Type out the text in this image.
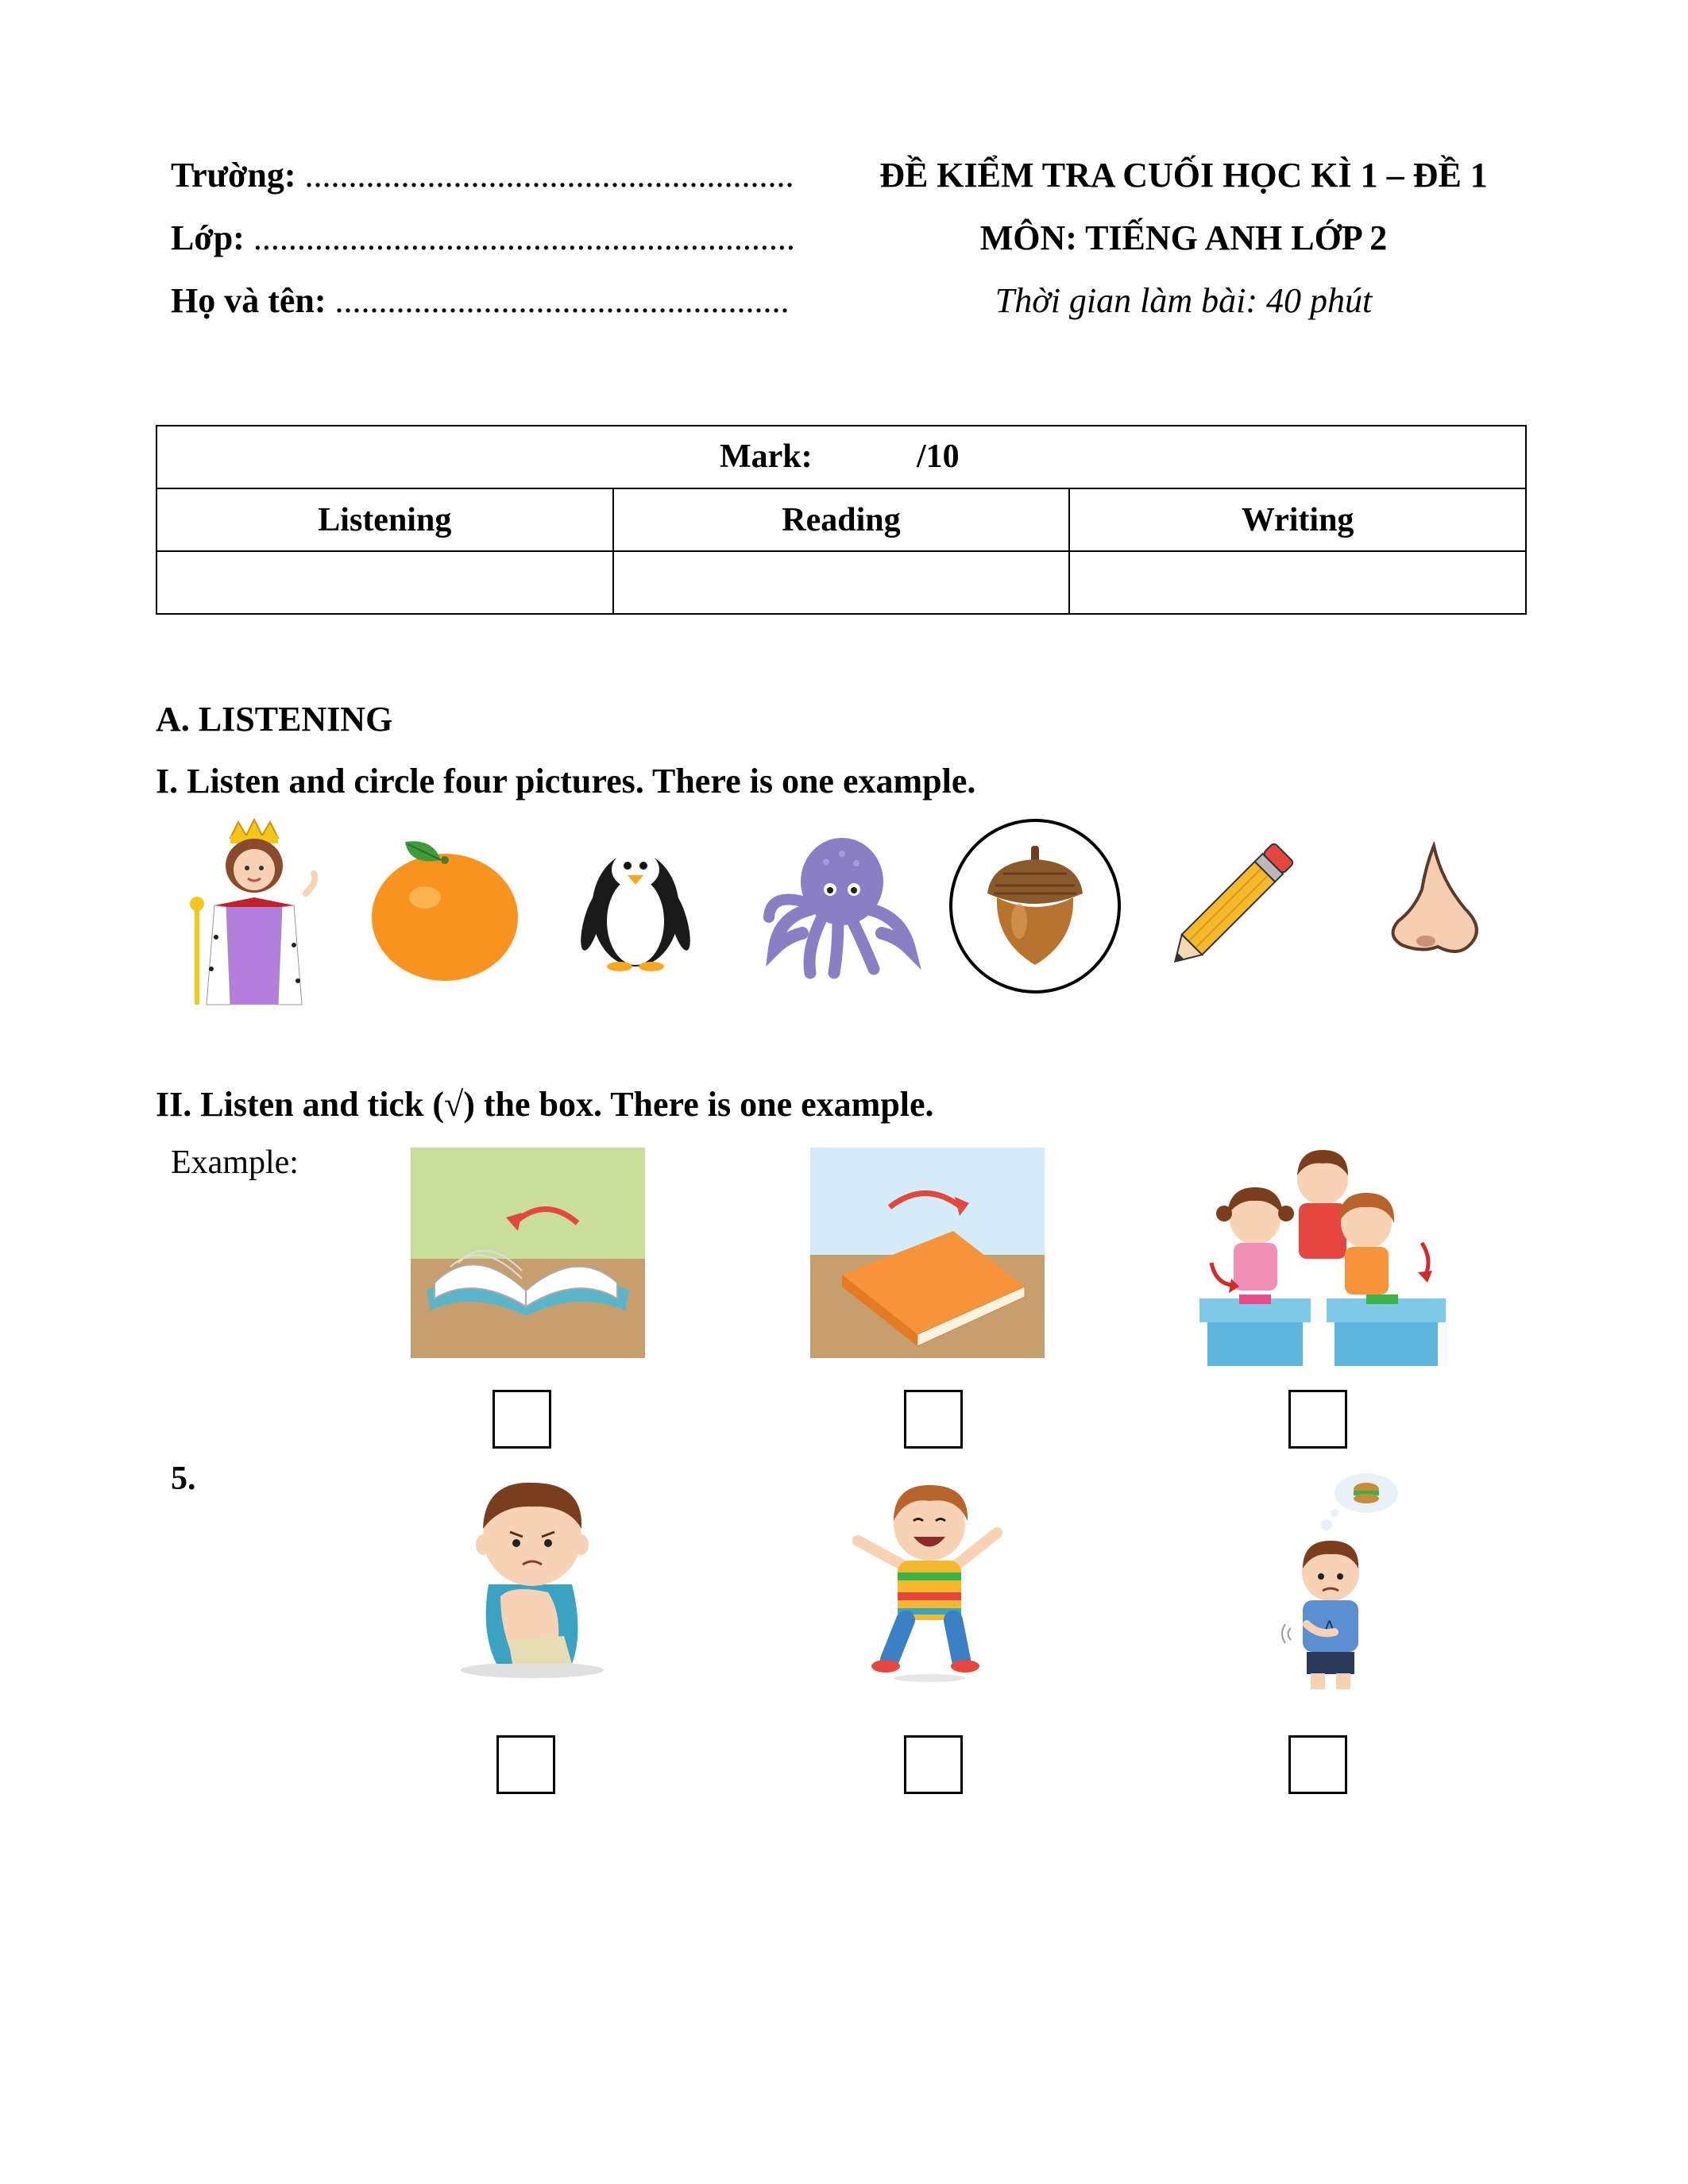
Trường: ........................................................
Lớp: ..............................................................
Họ và tên: ....................................................
ĐỀ KIỂM TRA CUỐI HỌC KÌ 1 – ĐỀ 1
MÔN: TIẾNG ANH LỚP 2
Thời gian làm bài: 40 phút
Mark: /10		

Listening	Reading	Writing

A. LISTENING
I. Listen and circle four pictures. There is one example.
II. Listen and tick (√) the box. There is one example.
Example:
5.
A
